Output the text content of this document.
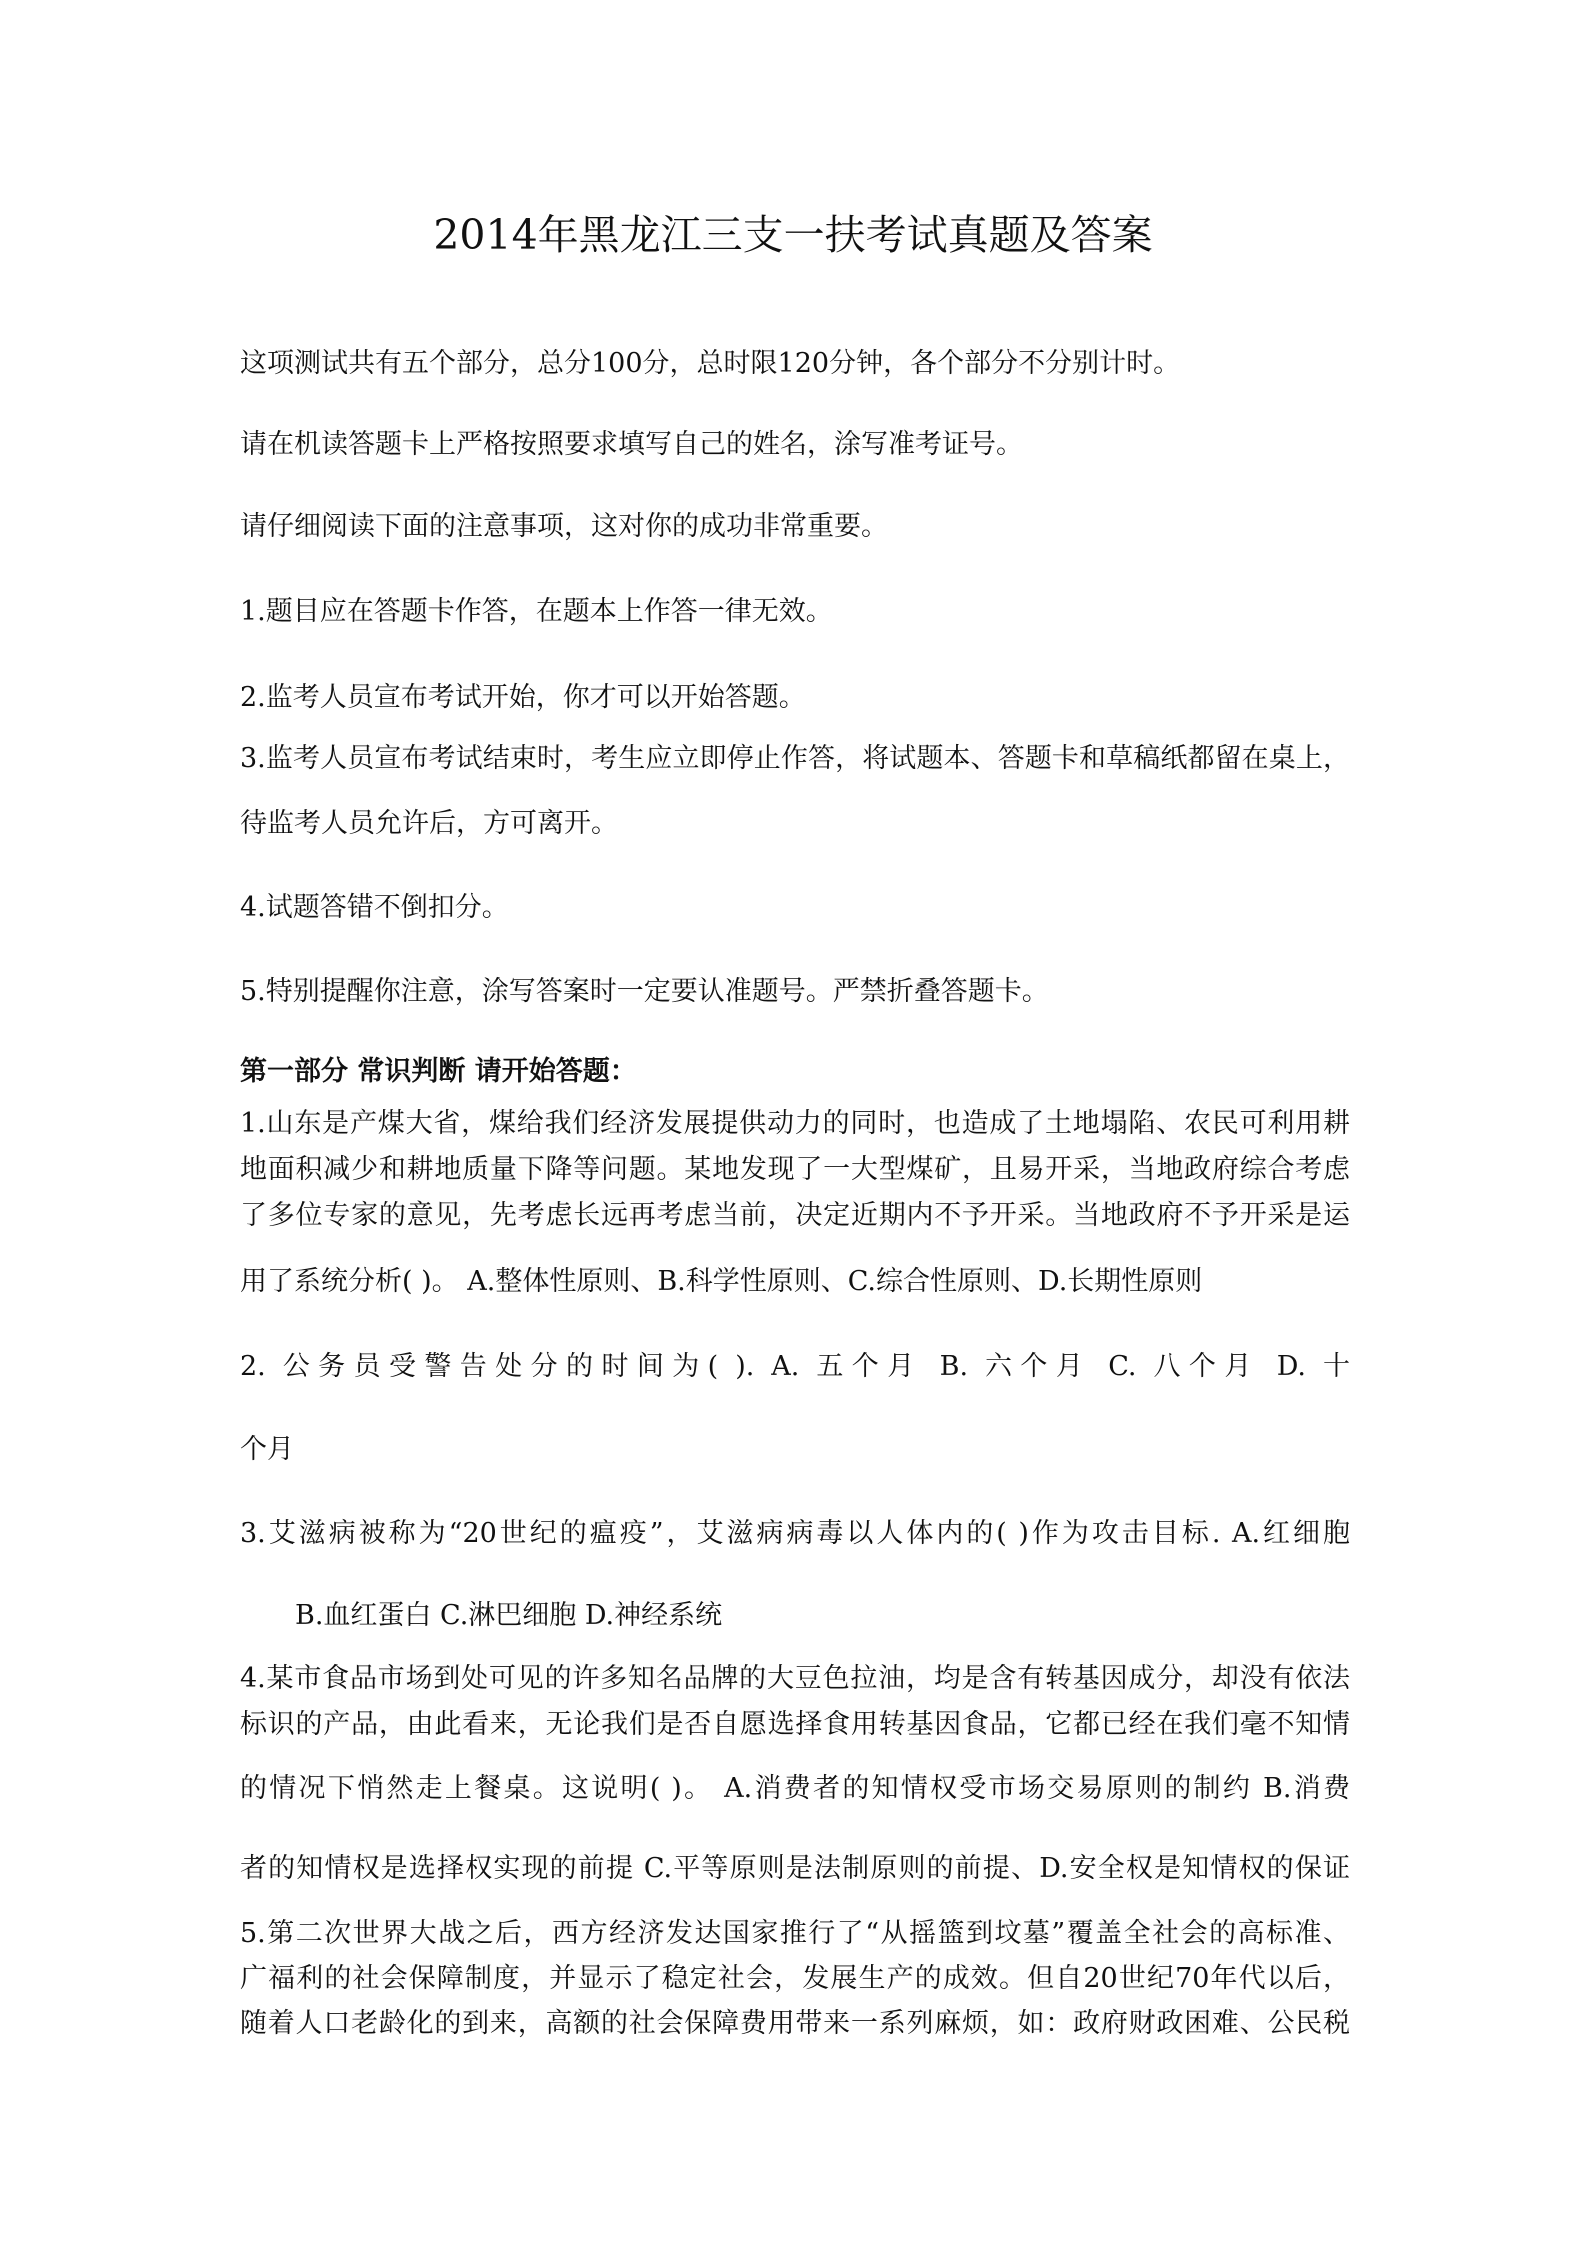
2014年黑龙江三支一扶考试真题及答案

这项测试共有五个部分，总分100分，总时限120分钟，各个部分不分别计时。

请在机读答题卡上严格按照要求填写自己的姓名，涂写准考证号。

请仔细阅读下面的注意事项，这对你的成功非常重要。

1.题目应在答题卡作答，在题本上作答一律无效。

2.监考人员宣布考试开始，你才可以开始答题。

3.监考人员宣布考试结束时，考生应立即停止作答，将试题本、答题卡和草稿纸都留在桌上，

待监考人员允许后，方可离开。

4.试题答错不倒扣分。

5.特别提醒你注意，涂写答案时一定要认准题号。严禁折叠答题卡。

第一部分 常识判断 请开始答题：

1.山东是产煤大省，煤给我们经济发展提供动力的同时，也造成了土地塌陷、农民可利用耕

地面积减少和耕地质量下降等问题。某地发现了一大型煤矿，且易开采，当地政府综合考虑

了多位专家的意见，先考虑长远再考虑当前，决定近期内不予开采。当地政府不予开采是运

用了系统分析( )。 A.整体性原则、B.科学性原则、C.综合性原则、D.长期性原则

2. 公务员受警告处分的时间为( ). A. 五个月 B. 六个月 C. 八个月 D. 十

个月

3.艾滋病被称为“20世纪的瘟疫”，艾滋病病毒以人体内的( )作为攻击目标. A.红细胞

B.血红蛋白 C.淋巴细胞 D.神经系统

4.某市食品市场到处可见的许多知名品牌的大豆色拉油，均是含有转基因成分，却没有依法

标识的产品，由此看来，无论我们是否自愿选择食用转基因食品，它都已经在我们毫不知情

的情况下悄然走上餐桌。这说明( )。 A.消费者的知情权受市场交易原则的制约 B.消费

者的知情权是选择权实现的前提 C.平等原则是法制原则的前提、D.安全权是知情权的保证

5.第二次世界大战之后，西方经济发达国家推行了“从摇篮到坟墓”覆盖全社会的高标准、

广福利的社会保障制度，并显示了稳定社会，发展生产的成效。但自20世纪70年代以后，

随着人口老龄化的到来，高额的社会保障费用带来一系列麻烦，如：政府财政困难、公民税
